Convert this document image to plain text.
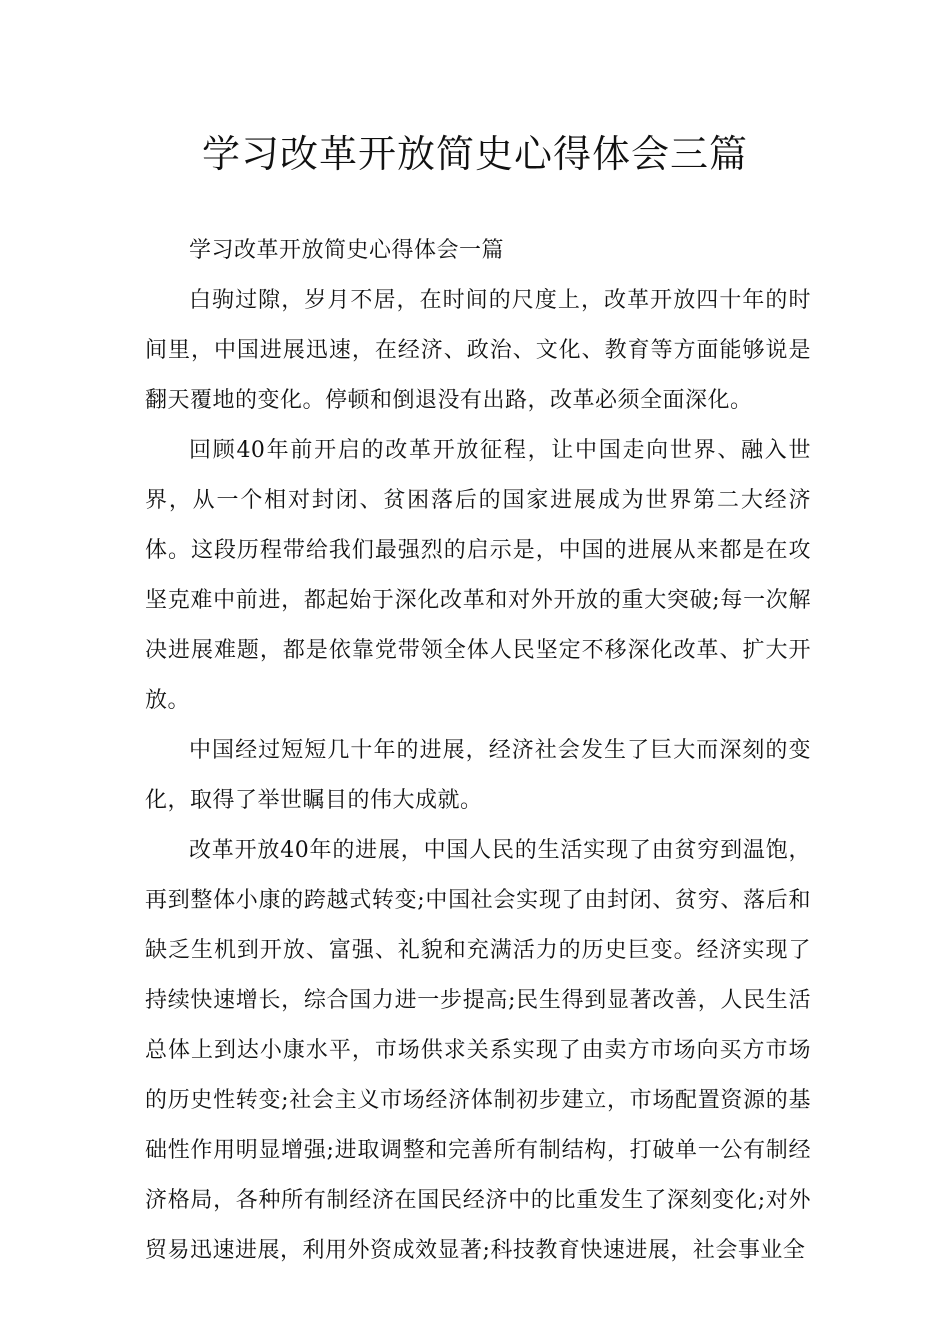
学习改革开放简史心得体会三篇

学习改革开放简史心得体会一篇

白驹过隙，岁月不居，在时间的尺度上，改革开放四十年的时间里，中国进展迅速，在经济、政治、文化、教育等方面能够说是翻天覆地的变化。停顿和倒退没有出路，改革必须全面深化。

回顾40年前开启的改革开放征程，让中国走向世界、融入世界，从一个相对封闭、贫困落后的国家进展成为世界第二大经济体。这段历程带给我们最强烈的启示是，中国的进展从来都是在攻坚克难中前进，都起始于深化改革和对外开放的重大突破;每一次解决进展难题，都是依靠党带领全体人民坚定不移深化改革、扩大开放。

中国经过短短几十年的进展，经济社会发生了巨大而深刻的变化，取得了举世瞩目的伟大成就。

改革开放40年的进展，中国人民的生活实现了由贫穷到温饱，再到整体小康的跨越式转变;中国社会实现了由封闭、贫穷、落后和缺乏生机到开放、富强、礼貌和充满活力的历史巨变。经济实现了持续快速增长，综合国力进一步提高;民生得到显著改善，人民生活总体上到达小康水平，市场供求关系实现了由卖方市场向买方市场的历史性转变;社会主义市场经济体制初步建立，市场配置资源的基础性作用明显增强;进取调整和完善所有制结构，打破单一公有制经济格局，各种所有制经济在国民经济中的比重发生了深刻变化;对外贸易迅速进展，利用外资成效显著;科技教育快速进展，社会事业全
